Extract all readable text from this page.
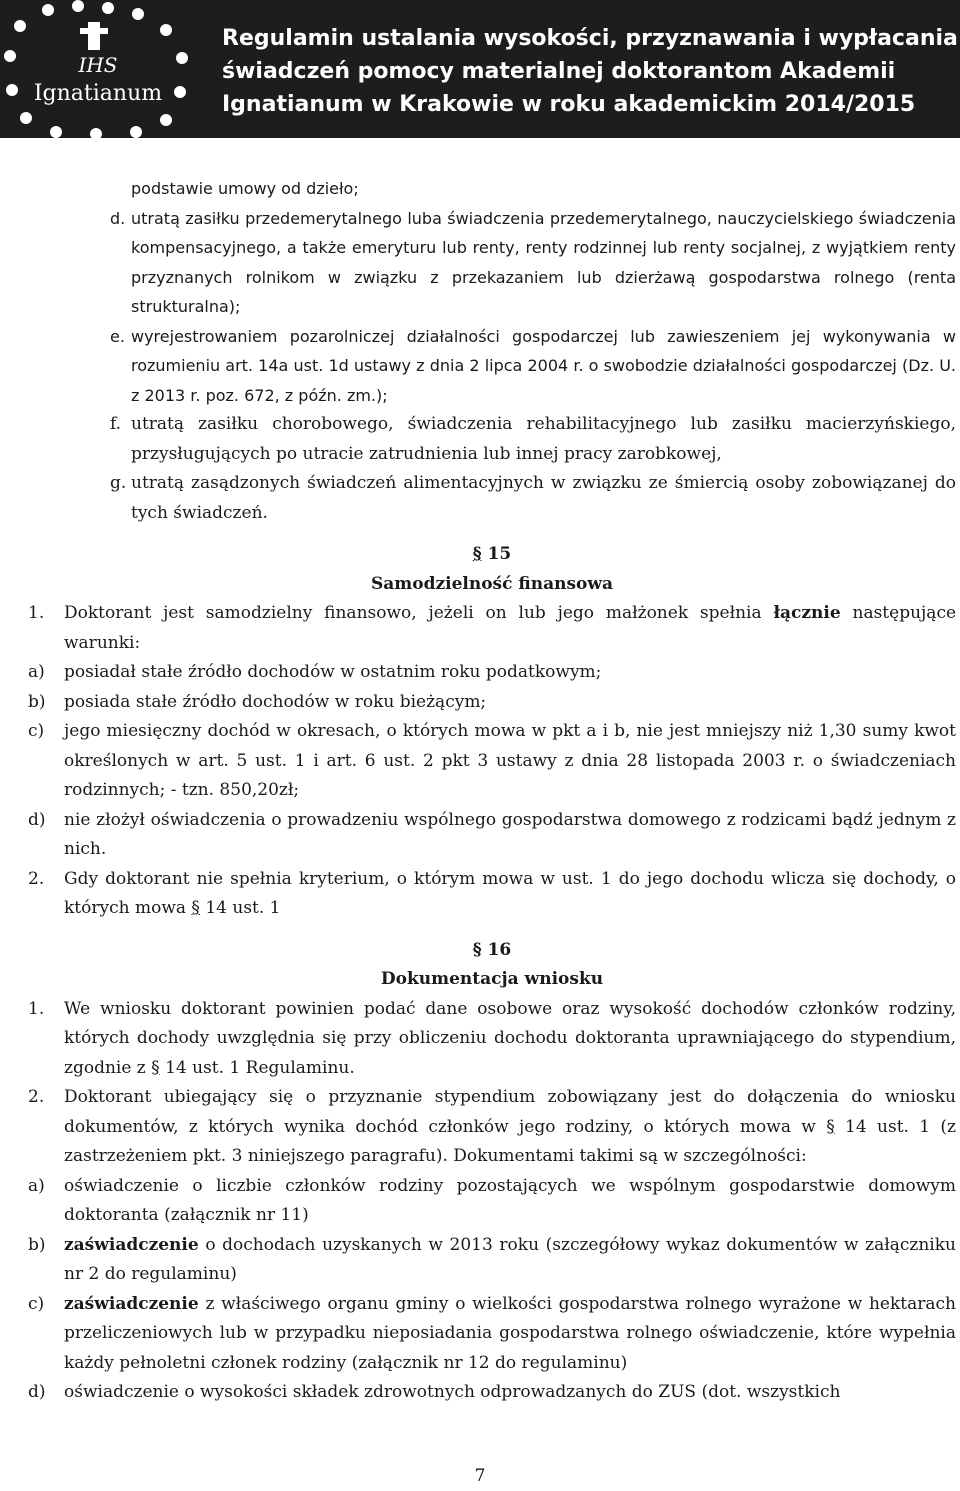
IHS
Ignatianum
Regulamin ustalania wysokości, przyznawania i wypłacania
świadczeń pomocy materialnej doktorantom Akademii
Ignatianum w Krakowie w roku akademickim 2014/2015
podstawie umowy od dzieło;
d. utratą zasiłku przedemerytalnego luba świadczenia przedemerytalnego, nauczycielskiego świadczenia kompensacyjnego, a także emeryturu lub renty, renty rodzinnej lub renty socjalnej, z wyjątkiem renty przyznanych rolnikom w związku z przekazaniem lub dzierżawą gospodarstwa rolnego (renta strukturalna);
e. wyrejestrowaniem pozarolniczej działalności gospodarczej lub zawieszeniem jej wykonywania w rozumieniu art. 14a ust. 1d ustawy z dnia 2 lipca 2004 r. o swobodzie działalności gospodarczej (Dz. U. z 2013 r. poz. 672, z późn. zm.);
f. utratą zasiłku chorobowego, świadczenia rehabilitacyjnego lub zasiłku macierzyńskiego, przysługujących po utracie zatrudnienia lub innej pracy zarobkowej,
g. utratą zasądzonych świadczeń alimentacyjnych w związku ze śmiercią osoby zobowiązanej do tych świadczeń.
§ 15
Samodzielność finansowa
1. Doktorant jest samodzielny finansowo, jeżeli on lub jego małżonek spełnia łącznie następujące warunki:
a) posiadał stałe źródło dochodów w ostatnim roku podatkowym;
b) posiada stałe źródło dochodów w roku bieżącym;
c) jego miesięczny dochód w okresach, o których mowa w pkt a i b, nie jest mniejszy niż 1,30 sumy kwot określonych w art. 5 ust. 1 i art. 6 ust. 2 pkt 3 ustawy z dnia 28 listopada 2003 r. o świadczeniach rodzinnych; - tzn. 850,20zł;
d) nie złożył oświadczenia o prowadzeniu wspólnego gospodarstwa domowego z rodzicami bądź jednym z nich.
2. Gdy doktorant nie spełnia kryterium, o którym mowa w ust. 1 do jego dochodu wlicza się dochody, o których mowa § 14 ust. 1
§ 16
Dokumentacja wniosku
1. We wniosku doktorant powinien podać dane osobowe oraz wysokość dochodów członków rodziny, których dochody uwzględnia się przy obliczeniu dochodu doktoranta uprawniającego do stypendium, zgodnie z § 14 ust. 1 Regulaminu.
2. Doktorant ubiegający się o przyznanie stypendium zobowiązany jest do dołączenia do wniosku dokumentów, z których wynika dochód członków jego rodziny, o których mowa w § 14 ust. 1 (z zastrzeżeniem pkt. 3 niniejszego paragrafu). Dokumentami takimi są w szczególności:
a) oświadczenie o liczbie członków rodziny pozostających we wspólnym gospodarstwie domowym doktoranta (załącznik nr 11)
b) zaświadczenie o dochodach uzyskanych w 2013 roku (szczegółowy wykaz dokumentów w załączniku nr 2 do regulaminu)
c) zaświadczenie z właściwego organu gminy o wielkości gospodarstwa rolnego wyrażone w hektarach przeliczeniowych lub w przypadku nieposiadania gospodarstwa rolnego oświadczenie, które wypełnia każdy pełnoletni członek rodziny (załącznik nr 12 do regulaminu)
d) oświadczenie o wysokości składek zdrowotnych odprowadzanych do ZUS (dot. wszystkich
7
